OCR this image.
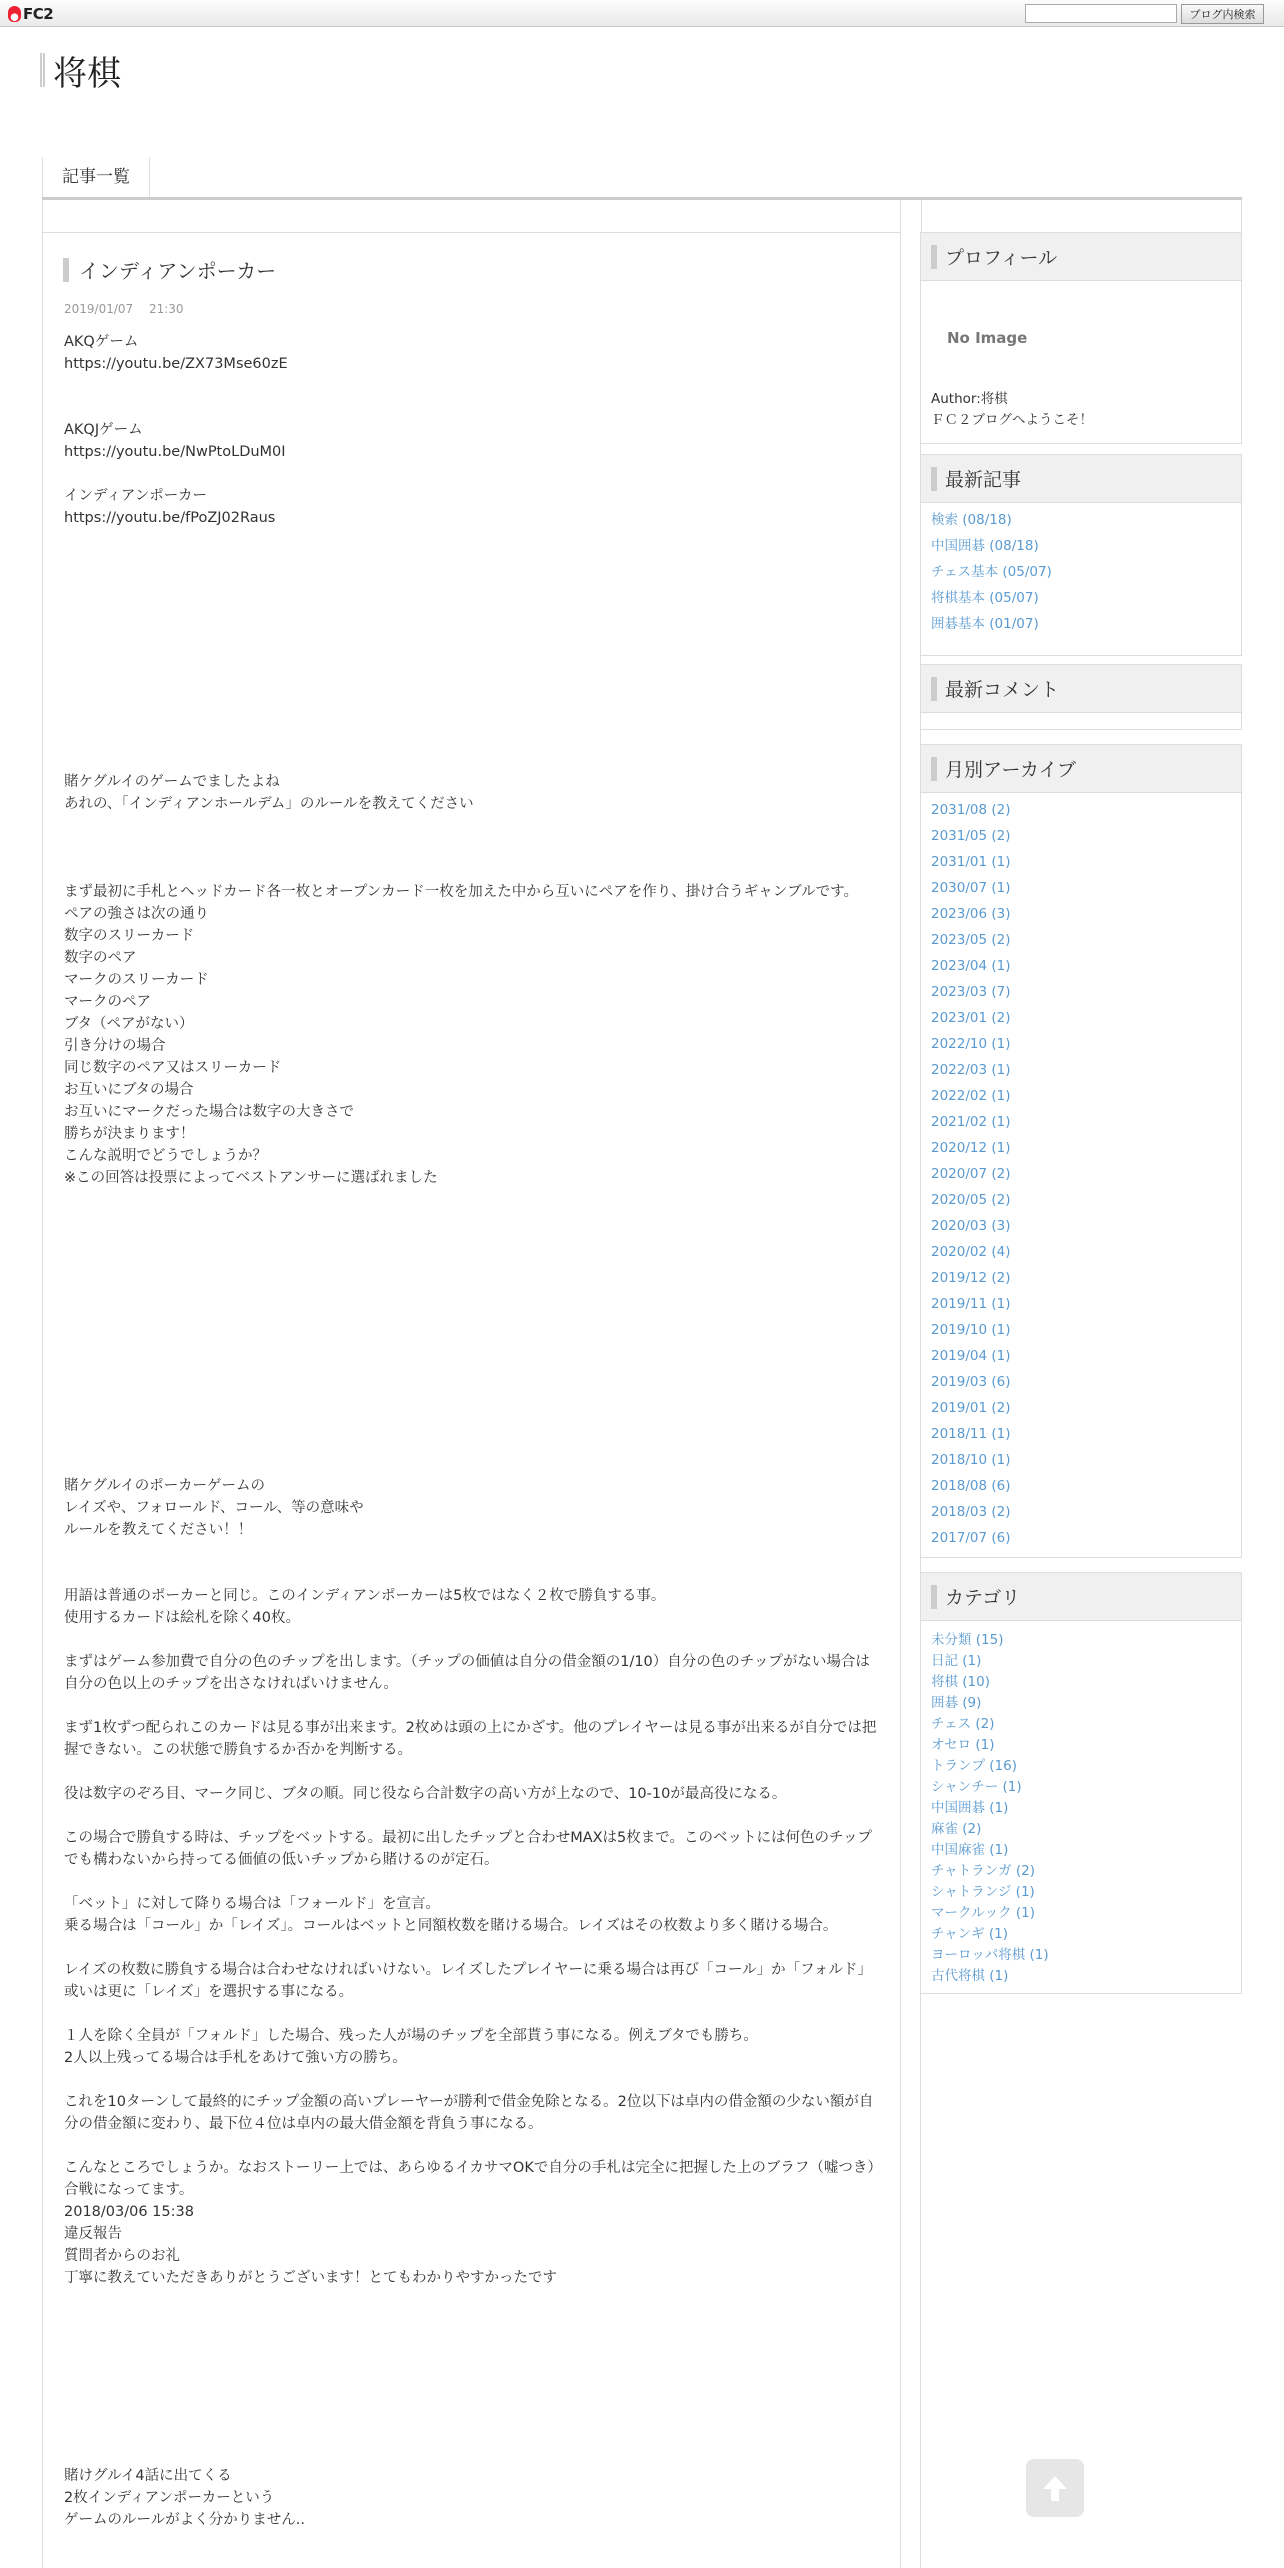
FC2	ブログ内検索
将棋
記事一覧
インディアンポーカー
2019/01/07　 21:30
AKQゲーム
https://youtu.be/ZX73Mse60zE

AKQJゲーム
https://youtu.be/NwPtoLDuM0I

インディアンポーカー
https://youtu.be/fPoZJ02Raus

賭ケグルイのゲームでましたよね
あれの、「インディアンホールデム」のルールを教えてください

まず最初に手札とヘッドカード各一枚とオープンカード一枚を加えた中から互いにペアを作り、掛け合うギャンブルです。
ペアの強さは次の通り
数字のスリーカード
数字のペア
マークのスリーカード
マークのペア
ブタ（ペアがない）
引き分けの場合
同じ数字のペア又はスリーカード
お互いにブタの場合
お互いにマークだった場合は数字の大きさで
勝ちが決まります！
こんな説明でどうでしょうか？
※この回答は投票によってベストアンサーに選ばれました

賭ケグルイのポーカーゲームの
レイズや、フォロールド、コール、等の意味や
ルールを教えてください！！

用語は普通のポーカーと同じ。このインディアンポーカーは5枚ではなく２枚で勝負する事。
使用するカードは絵札を除く40枚。

まずはゲーム参加費で自分の色のチップを出します。（チップの価値は自分の借金額の1/10）自分の色のチップがない場合は自分の色以上のチップを出さなければいけません。

まず1枚ずつ配られこのカードは見る事が出来ます。2枚めは頭の上にかざす。他のプレイヤーは見る事が出来るが自分では把握できない。この状態で勝負するか否かを判断する。

役は数字のぞろ目、マーク同じ、ブタの順。同じ役なら合計数字の高い方が上なので、10-10が最高役になる。

この場合で勝負する時は、チップをベットする。最初に出したチップと合わせMAXは5枚まで。このベットには何色のチップでも構わないから持ってる価値の低いチップから賭けるのが定石。

「ベット」に対して降りる場合は「フォールド」を宣言。
乗る場合は「コール」か「レイズ」。コールはベットと同額枚数を賭ける場合。レイズはその枚数より多く賭ける場合。

レイズの枚数に勝負する場合は合わせなければいけない。レイズしたプレイヤーに乗る場合は再び「コール」か「フォルド」或いは更に「レイズ」を選択する事になる。

１人を除く全員が「フォルド」した場合、残った人が場のチップを全部貰う事になる。例えブタでも勝ち。
2人以上残ってる場合は手札をあけて強い方の勝ち。

これを10ターンして最終的にチップ金額の高いプレーヤーが勝利で借金免除となる。2位以下は卓内の借金額の少ない額が自分の借金額に変わり、最下位４位は卓内の最大借金額を背負う事になる。

こんなところでしょうか。なおストーリー上では、あらゆるイカサマOKで自分の手札は完全に把握した上のブラフ（嘘つき）合戦になってます。
2018/03/06 15:38
違反報告
質問者からのお礼
丁寧に教えていただきありがとうございます！とてもわかりやすかったです

賭けグルイ4話に出てくる
2枚インディアンポーカーという
ゲームのルールがよく分かりません..
プロフィール
No Image
Author:将棋
ＦＣ２ブログへようこそ！
最新記事
検索 (08/18)
中国囲碁 (08/18)
チェス基本 (05/07)
将棋基本 (05/07)
囲碁基本 (01/07)
最新コメント
月別アーカイブ
2031/08 (2)
2031/05 (2)
2031/01 (1)
2030/07 (1)
2023/06 (3)
2023/05 (2)
2023/04 (1)
2023/03 (7)
2023/01 (2)
2022/10 (1)
2022/03 (1)
2022/02 (1)
2021/02 (1)
2020/12 (1)
2020/07 (2)
2020/05 (2)
2020/03 (3)
2020/02 (4)
2019/12 (2)
2019/11 (1)
2019/10 (1)
2019/04 (1)
2019/03 (6)
2019/01 (2)
2018/11 (1)
2018/10 (1)
2018/08 (6)
2018/03 (2)
2017/07 (6)
カテゴリ
未分類 (15)
日記 (1)
将棋 (10)
囲碁 (9)
チェス (2)
オセロ (1)
トランプ (16)
シャンチー (1)
中国囲碁 (1)
麻雀 (2)
中国麻雀 (1)
チャトランガ (2)
シャトランジ (1)
マークルック (1)
チャンギ (1)
ヨーロッパ将棋 (1)
古代将棋 (1)
